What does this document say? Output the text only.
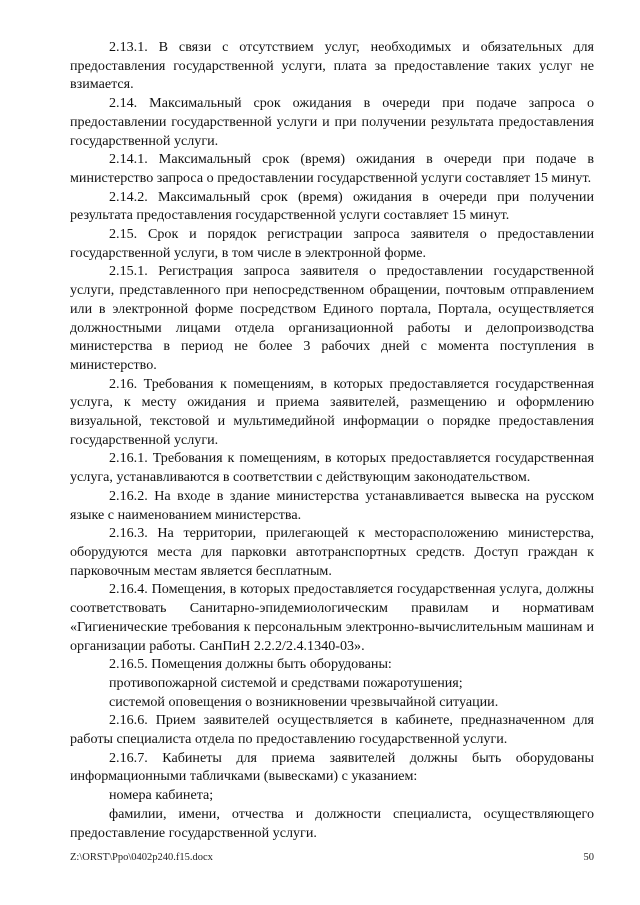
2.13.1. В связи с отсутствием услуг, необходимых и обязательных для предоставления государственной услуги, плата за предоставление таких услуг не взимается.

2.14. Максимальный срок ожидания в очереди при подаче запроса о предоставлении государственной услуги и при получении результата предоставления государственной услуги.

2.14.1. Максимальный срок (время) ожидания в очереди при подаче в министерство запроса о предоставлении государственной услуги составляет 15 минут.

2.14.2. Максимальный срок (время) ожидания в очереди при получении результата предоставления государственной услуги составляет 15 минут.

2.15. Срок и порядок регистрации запроса заявителя о предоставлении государственной услуги, в том числе в электронной форме.

2.15.1. Регистрация запроса заявителя о предоставлении государственной услуги, представленного при непосредственном обращении, почтовым отправлением или в электронной форме посредством Единого портала, Портала, осуществляется должностными лицами отдела организационной работы и делопроизводства министерства в период не более 3 рабочих дней с момента поступления в министерство.

2.16. Требования к помещениям, в которых предоставляется государственная услуга, к месту ожидания и приема заявителей, размещению и оформлению визуальной, текстовой и мультимедийной информации о порядке предоставления государственной услуги.

2.16.1. Требования к помещениям, в которых предоставляется государственная услуга, устанавливаются в соответствии с действующим законодательством.

2.16.2. На входе в здание министерства устанавливается вывеска на русском языке с наименованием министерства.

2.16.3. На территории, прилегающей к месторасположению министерства, оборудуются места для парковки автотранспортных средств. Доступ граждан к парковочным местам является бесплатным.

2.16.4. Помещения, в которых предоставляется государственная услуга, должны соответствовать Санитарно-эпидемиологическим правилам и нормативам «Гигиенические требования к персональным электронно-вычислительным машинам и организации работы. СанПиН 2.2.2/2.4.1340-03».

2.16.5. Помещения должны быть оборудованы:

противопожарной системой и средствами пожаротушения;

системой оповещения о возникновении чрезвычайной ситуации.

2.16.6. Прием заявителей осуществляется в кабинете, предназначенном для работы специалиста отдела по предоставлению государственной услуги.

2.16.7. Кабинеты для приема заявителей должны быть оборудованы информационными табличками (вывесками) с указанием:

номера кабинета;

фамилии, имени, отчества и должности специалиста, осуществляющего предоставление государственной услуги.

Z:\ORST\Ppo\0402p240.f15.docx	50
